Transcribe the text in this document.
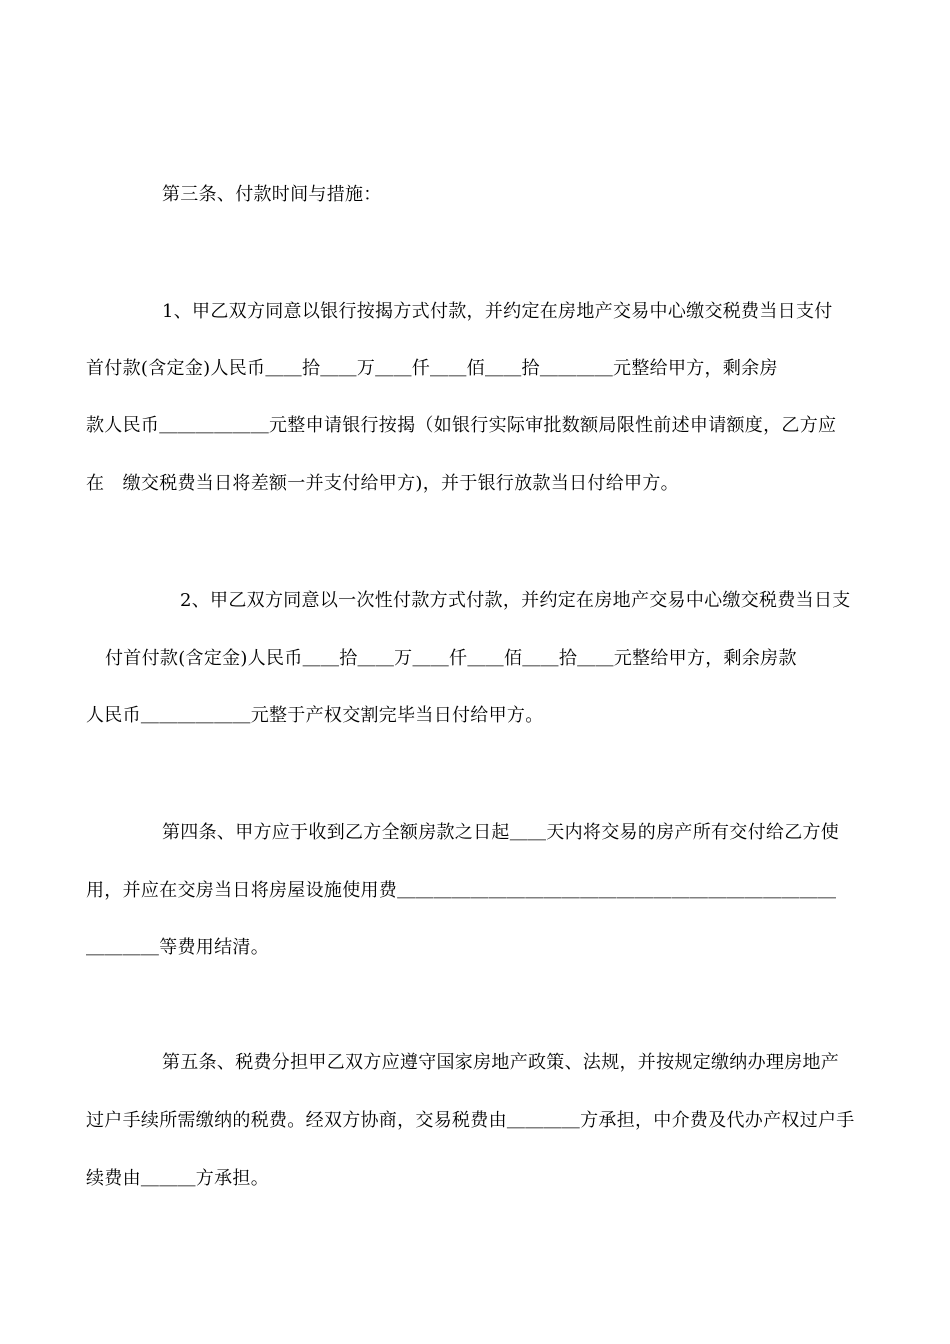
第三条、付款时间与措施：
1、甲乙双方同意以银行按揭方式付款，并约定在房地产交易中心缴交税费当日支付
首付款(含定金)人民币＿＿拾＿＿万＿＿仟＿＿佰＿＿拾＿＿＿＿元整给甲方，剩余房
款人民币＿＿＿＿＿＿元整申请银行按揭（如银行实际审批数额局限性前述申请额度，乙方应
在　缴交税费当日将差额一并支付给甲方)，并于银行放款当日付给甲方。
2、甲乙双方同意以一次性付款方式付款，并约定在房地产交易中心缴交税费当日支
付首付款(含定金)人民币＿＿拾＿＿万＿＿仟＿＿佰＿＿拾＿＿元整给甲方，剩余房款
人民币＿＿＿＿＿＿元整于产权交割完毕当日付给甲方。
第四条、甲方应于收到乙方全额房款之日起＿＿天内将交易的房产所有交付给乙方使
用，并应在交房当日将房屋设施使用费＿＿＿＿＿＿＿＿＿＿＿＿＿＿＿＿＿＿＿＿＿＿＿＿
＿＿＿＿等费用结清。
第五条、税费分担甲乙双方应遵守国家房地产政策、法规，并按规定缴纳办理房地产
过户手续所需缴纳的税费。经双方协商，交易税费由＿＿＿＿方承担，中介费及代办产权过户手
续费由＿＿＿方承担。
